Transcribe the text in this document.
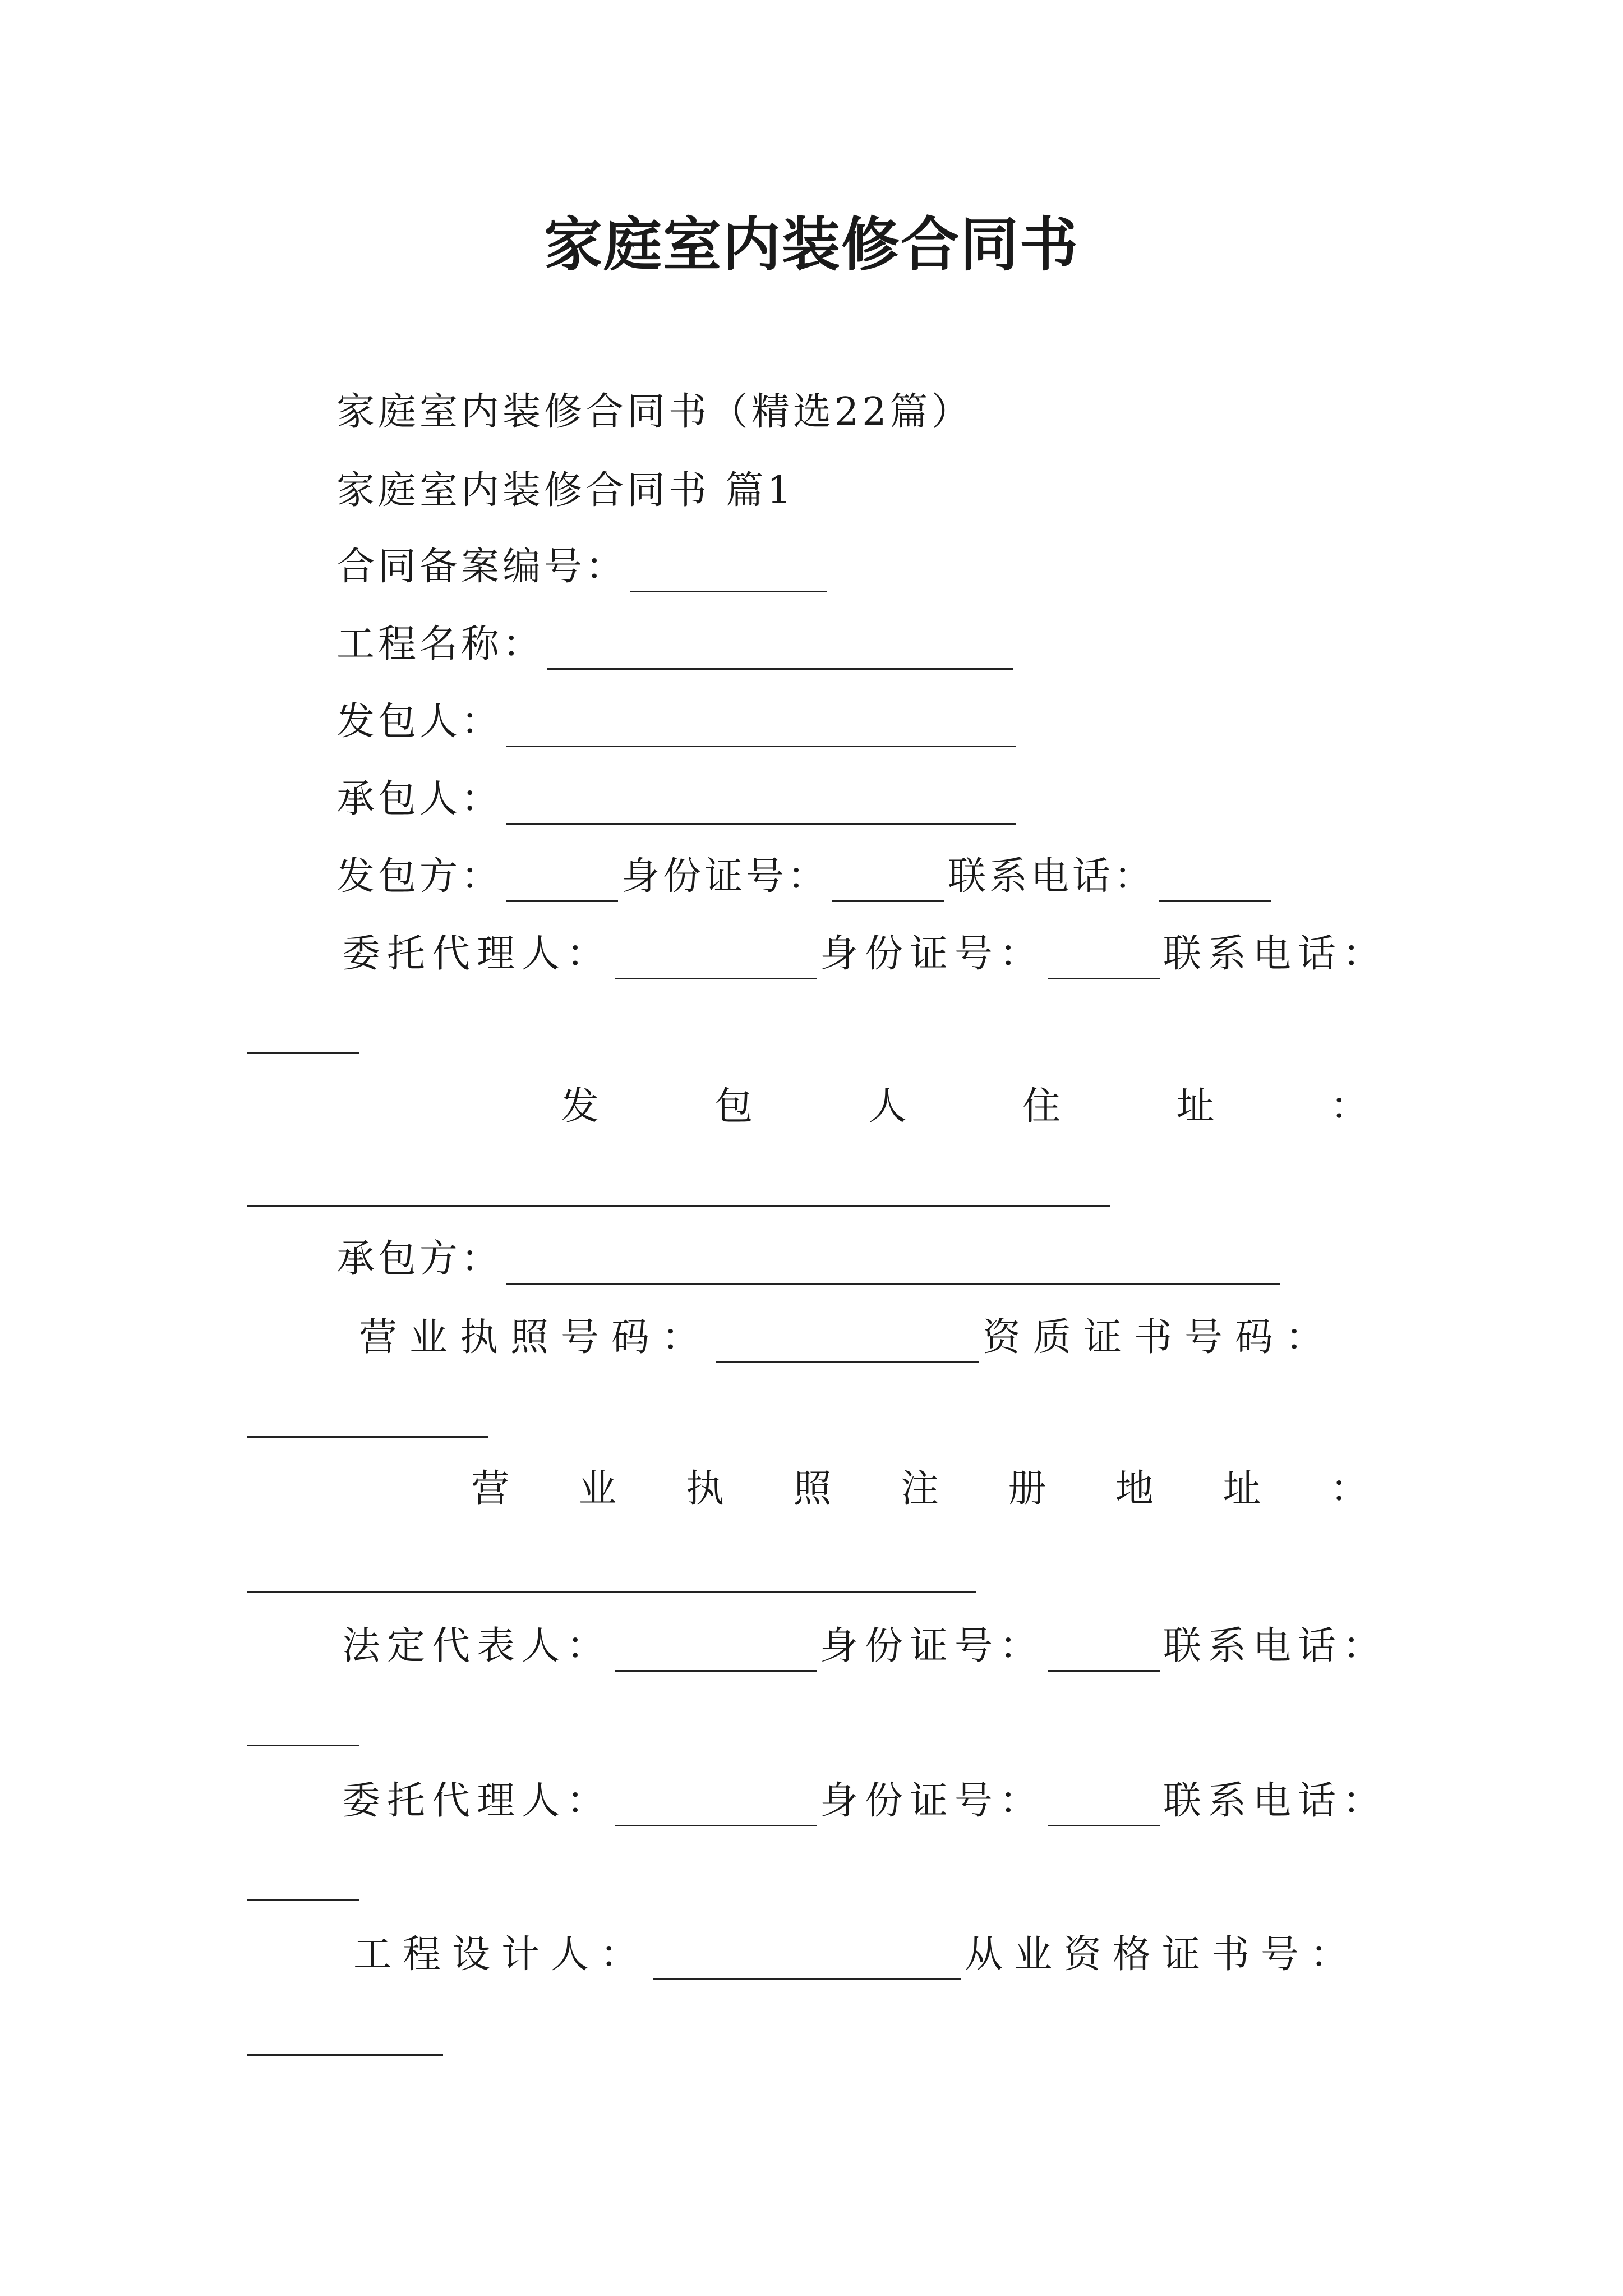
家庭室内装修合同书
家庭室内装修合同书（精选22篇）
家庭室内装修合同书 篇1
合同备案编号：
工程名称：
发包人：
承包人：
发包方：	身份证号：	联系电话：
委托代理人：	身份证号：	联系电话：
发	包	人	住	址	：
承包方：
营业执照号码：	资质证书号码：
营 业 执 照 注 册 地 址 ：
法定代表人：	身份证号：	联系电话：
委托代理人：	身份证号：	联系电话：
工程设计人：	从业资格证书号：
